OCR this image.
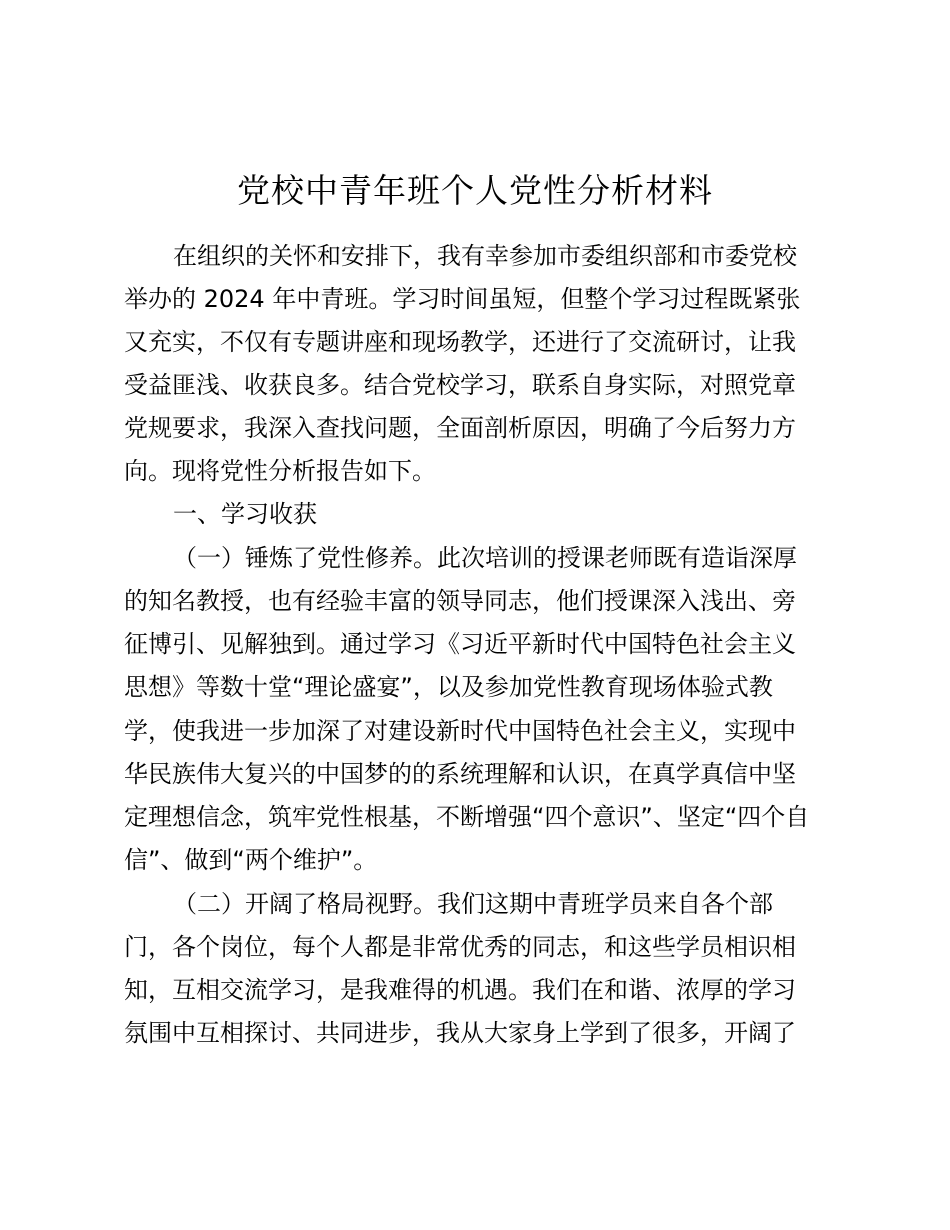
党校中青年班个人党性分析材料
在组织的关怀和安排下，我有幸参加市委组织部和市委党校
举办的 2024 年中青班。学习时间虽短，但整个学习过程既紧张
又充实，不仅有专题讲座和现场教学，还进行了交流研讨，让我
受益匪浅、收获良多。结合党校学习，联系自身实际，对照党章
党规要求，我深入查找问题，全面剖析原因，明确了今后努力方
向。现将党性分析报告如下。
一、学习收获
（一）锤炼了党性修养。此次培训的授课老师既有造诣深厚
的知名教授，也有经验丰富的领导同志，他们授课深入浅出、旁
征博引、见解独到。通过学习《习近平新时代中国特色社会主义
思想》等数十堂“理论盛宴”，以及参加党性教育现场体验式教
学，使我进一步加深了对建设新时代中国特色社会主义，实现中
华民族伟大复兴的中国梦的的系统理解和认识，在真学真信中坚
定理想信念，筑牢党性根基，不断增强“四个意识”、坚定“四个自
信”、做到“两个维护”。
（二）开阔了格局视野。我们这期中青班学员来自各个部
门，各个岗位，每个人都是非常优秀的同志，和这些学员相识相
知，互相交流学习，是我难得的机遇。我们在和谐、浓厚的学习
氛围中互相探讨、共同进步，我从大家身上学到了很多，开阔了
